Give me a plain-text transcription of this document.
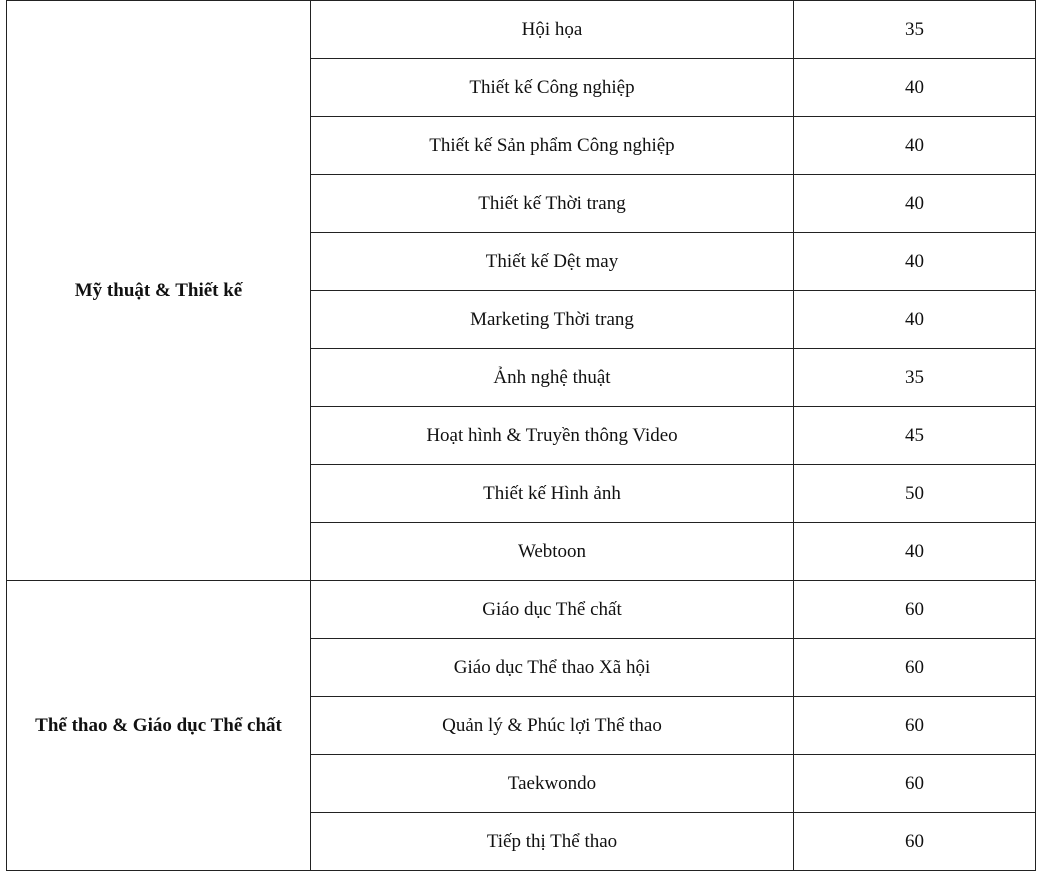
Mỹ thuật & Thiết kế	Hội họa	35
	Thiết kế Công nghiệp	40
	Thiết kế Sản phẩm Công nghiệp	40
	Thiết kế Thời trang	40
	Thiết kế Dệt may	40
	Marketing Thời trang	40
	Ảnh nghệ thuật	35
	Hoạt hình & Truyền thông Video	45
	Thiết kế Hình ảnh	50
	Webtoon	40
Thể thao & Giáo dục Thể chất	Giáo dục Thể chất	60
	Giáo dục Thể thao Xã hội	60
	Quản lý & Phúc lợi Thể thao	60
	Taekwondo	60
	Tiếp thị Thể thao	60
